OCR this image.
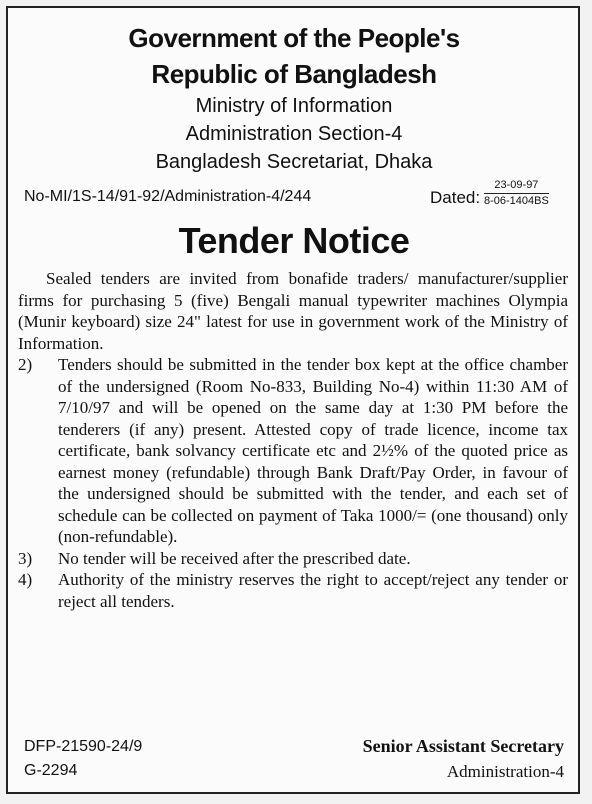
Government of the People's
Republic of Bangladesh
Ministry of Information
Administration Section-4
Bangladesh Secretariat, Dhaka
No-MI/1S-14/91-92/Administration-4/244	Dated:
23-09-97
8-06-1404BS
Tender Notice
Sealed tenders are invited from bonafide traders/ manufacturer/supplier firms for purchasing 5 (five) Bengali manual typewriter machines Olympia (Munir keyboard) size 24" latest for use in government work of the Ministry of Information.
2)	Tenders should be submitted in the tender box kept at the office chamber of the undersigned (Room No-833, Building No-4) within 11:30 AM of 7/10/97 and will be opened on the same day at 1:30 PM before the tenderers (if any) present. Attested copy of trade licence, income tax certificate, bank solvancy certificate etc and 2½% of the quoted price as earnest money (refundable) through Bank Draft/Pay Order, in favour of the undersigned should be submitted with the tender, and each set of schedule can be collected on payment of Taka 1000/= (one thousand) only (non-refundable).
3)	No tender will be received after the prescribed date.
4)	Authority of the ministry reserves the right to accept/reject any tender or reject all tenders.
DFP-21590-24/9
G-2294
Senior Assistant Secretary
Administration-4
